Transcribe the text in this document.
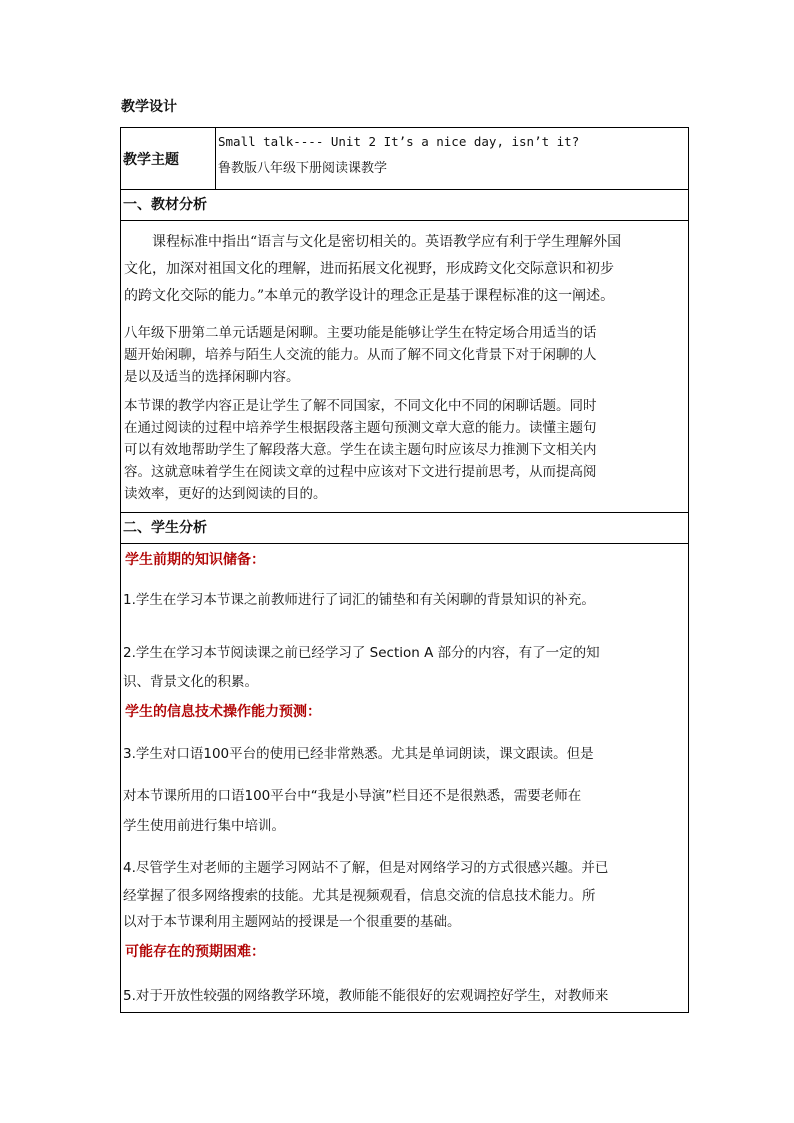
教学设计
教学主题
Small talk---- Unit 2 It’s a nice day, isn’t it?
鲁教版八年级下册阅读课教学
一、教材分析
课程标准中指出“语言与文化是密切相关的。英语教学应有利于学生理解外国
文化，加深对祖国文化的理解，进而拓展文化视野，形成跨文化交际意识和初步
的跨文化交际的能力。”本单元的教学设计的理念正是基于课程标准的这一阐述。
八年级下册第二单元话题是闲聊。主要功能是能够让学生在特定场合用适当的话
题开始闲聊，培养与陌生人交流的能力。从而了解不同文化背景下对于闲聊的人
是以及适当的选择闲聊内容。
本节课的教学内容正是让学生了解不同国家，不同文化中不同的闲聊话题。同时
在通过阅读的过程中培养学生根据段落主题句预测文章大意的能力。读懂主题句
可以有效地帮助学生了解段落大意。学生在读主题句时应该尽力推测下文相关内
容。这就意味着学生在阅读文章的过程中应该对下文进行提前思考，从而提高阅
读效率，更好的达到阅读的目的。
二、学生分析
学生前期的知识储备：
1.学生在学习本节课之前教师进行了词汇的铺垫和有关闲聊的背景知识的补充。
2.学生在学习本节阅读课之前已经学习了 Section A 部分的内容，有了一定的知
识、背景文化的积累。
学生的信息技术操作能力预测：
3.学生对口语100平台的使用已经非常熟悉。尤其是单词朗读，课文跟读。但是
对本节课所用的口语100平台中“我是小导演”栏目还不是很熟悉，需要老师在
学生使用前进行集中培训。
4.尽管学生对老师的主题学习网站不了解，但是对网络学习的方式很感兴趣。并已
经掌握了很多网络搜索的技能。尤其是视频观看，信息交流的信息技术能力。所
以对于本节课利用主题网站的授课是一个很重要的基础。
可能存在的预期困难：
5.对于开放性较强的网络教学环境，教师能不能很好的宏观调控好学生，对教师来
